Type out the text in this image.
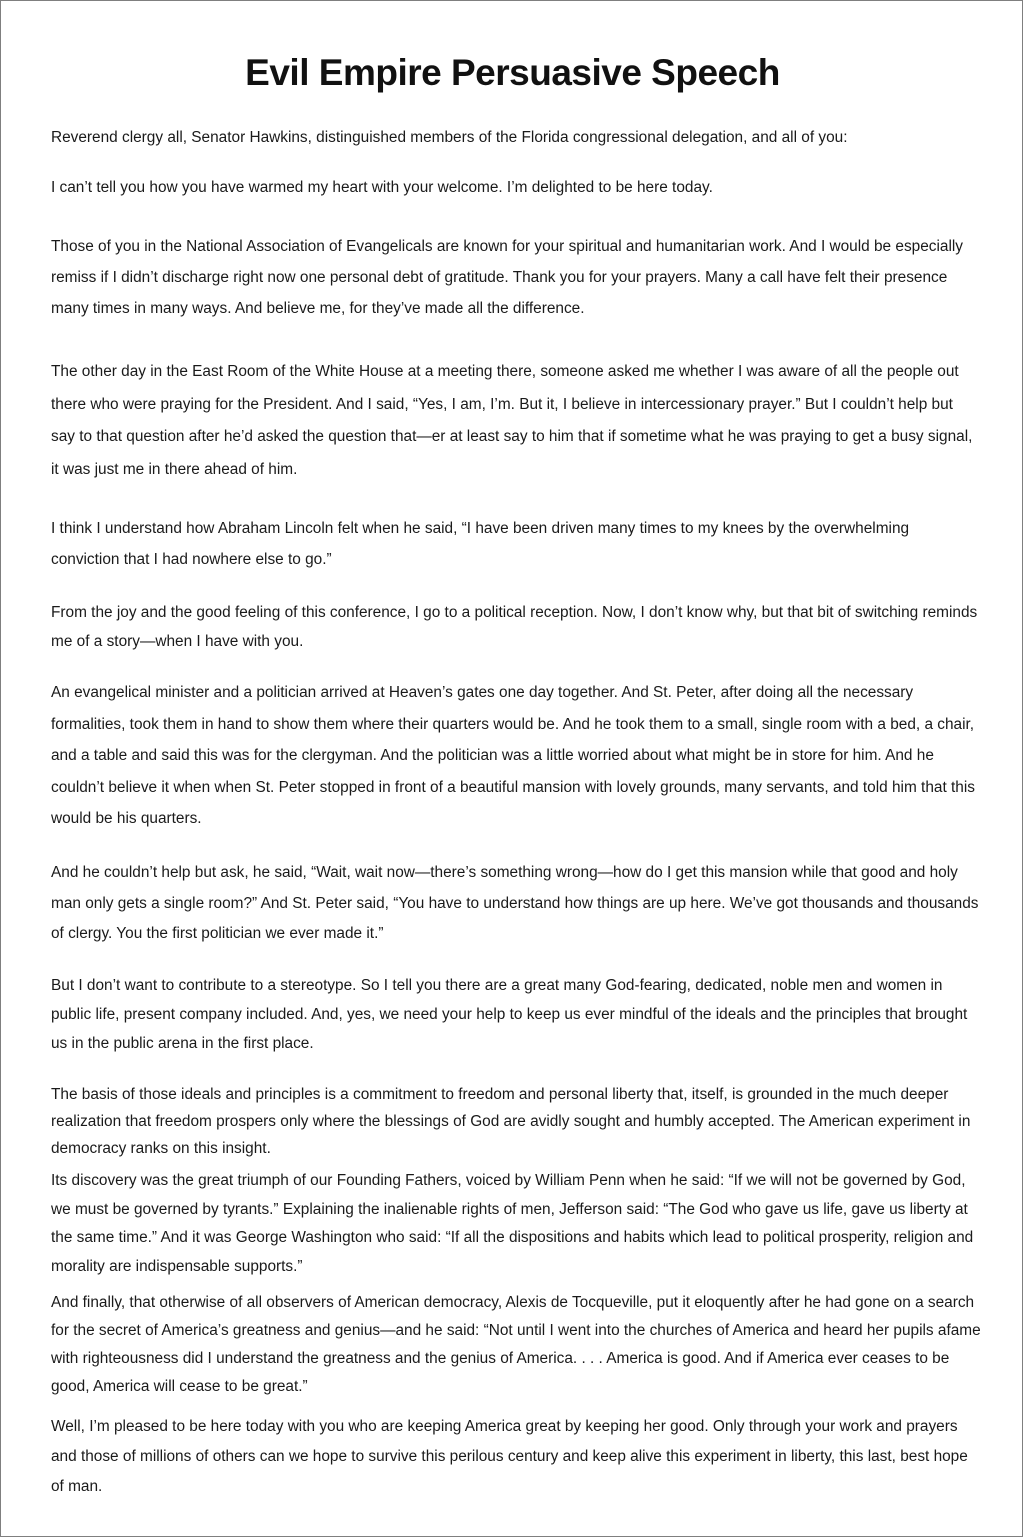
Evil Empire Persuasive Speech

Reverend clergy all, Senator Hawkins, distinguished members of the Florida congressional delegation, and all of you:

I can’t tell you how you have warmed my heart with your welcome. I’m delighted to be here today.

Those of you in the National Association of Evangelicals are known for your spiritual and humanitarian work. And I would be especially remiss if I didn’t discharge right now one personal debt of gratitude. Thank you for your prayers. Many a call have felt their presence many times in many ways. And believe me, for they’ve made all the difference.

The other day in the East Room of the White House at a meeting there, someone asked me whether I was aware of all the people out there who were praying for the President. And I said, “Yes, I am, I’m. But it, I believe in intercessionary prayer.” But I couldn’t help but say to that question after he’d asked the question that—er at least say to him that if sometime what he was praying to get a busy signal, it was just me in there ahead of him.

I think I understand how Abraham Lincoln felt when he said, “I have been driven many times to my knees by the overwhelming conviction that I had nowhere else to go.”

From the joy and the good feeling of this conference, I go to a political reception. Now, I don’t know why, but that bit of switching reminds me of a story—when I have with you.

An evangelical minister and a politician arrived at Heaven’s gates one day together. And St. Peter, after doing all the necessary formalities, took them in hand to show them where their quarters would be. And he took them to a small, single room with a bed, a chair, and a table and said this was for the clergyman. And the politician was a little worried about what might be in store for him. And he couldn’t believe it when when St. Peter stopped in front of a beautiful mansion with lovely grounds, many servants, and told him that this would be his quarters.

And he couldn’t help but ask, he said, “Wait, wait now—there’s something wrong—how do I get this mansion while that good and holy man only gets a single room?” And St. Peter said, “You have to understand how things are up here. We’ve got thousands and thousands of clergy. You the first politician we ever made it.”

But I don’t want to contribute to a stereotype. So I tell you there are a great many God-fearing, dedicated, noble men and women in public life, present company included. And, yes, we need your help to keep us ever mindful of the ideals and the principles that brought us in the public arena in the first place.

The basis of those ideals and principles is a commitment to freedom and personal liberty that, itself, is grounded in the much deeper realization that freedom prospers only where the blessings of God are avidly sought and humbly accepted. The American experiment in democracy ranks on this insight.

Its discovery was the great triumph of our Founding Fathers, voiced by William Penn when he said: “If we will not be governed by God, we must be governed by tyrants.” Explaining the inalienable rights of men, Jefferson said: “The God who gave us life, gave us liberty at the same time.” And it was George Washington who said: “If all the dispositions and habits which lead to political prosperity, religion and morality are indispensable supports.”

And finally, that otherwise of all observers of American democracy, Alexis de Tocqueville, put it eloquently after he had gone on a search for the secret of America’s greatness and genius—and he said: “Not until I went into the churches of America and heard her pupils afame with righteousness did I understand the greatness and the genius of America. . . . America is good. And if America ever ceases to be good, America will cease to be great.”

Well, I’m pleased to be here today with you who are keeping America great by keeping her good. Only through your work and prayers and those of millions of others can we hope to survive this perilous century and keep alive this experiment in liberty, this last, best hope of man.
